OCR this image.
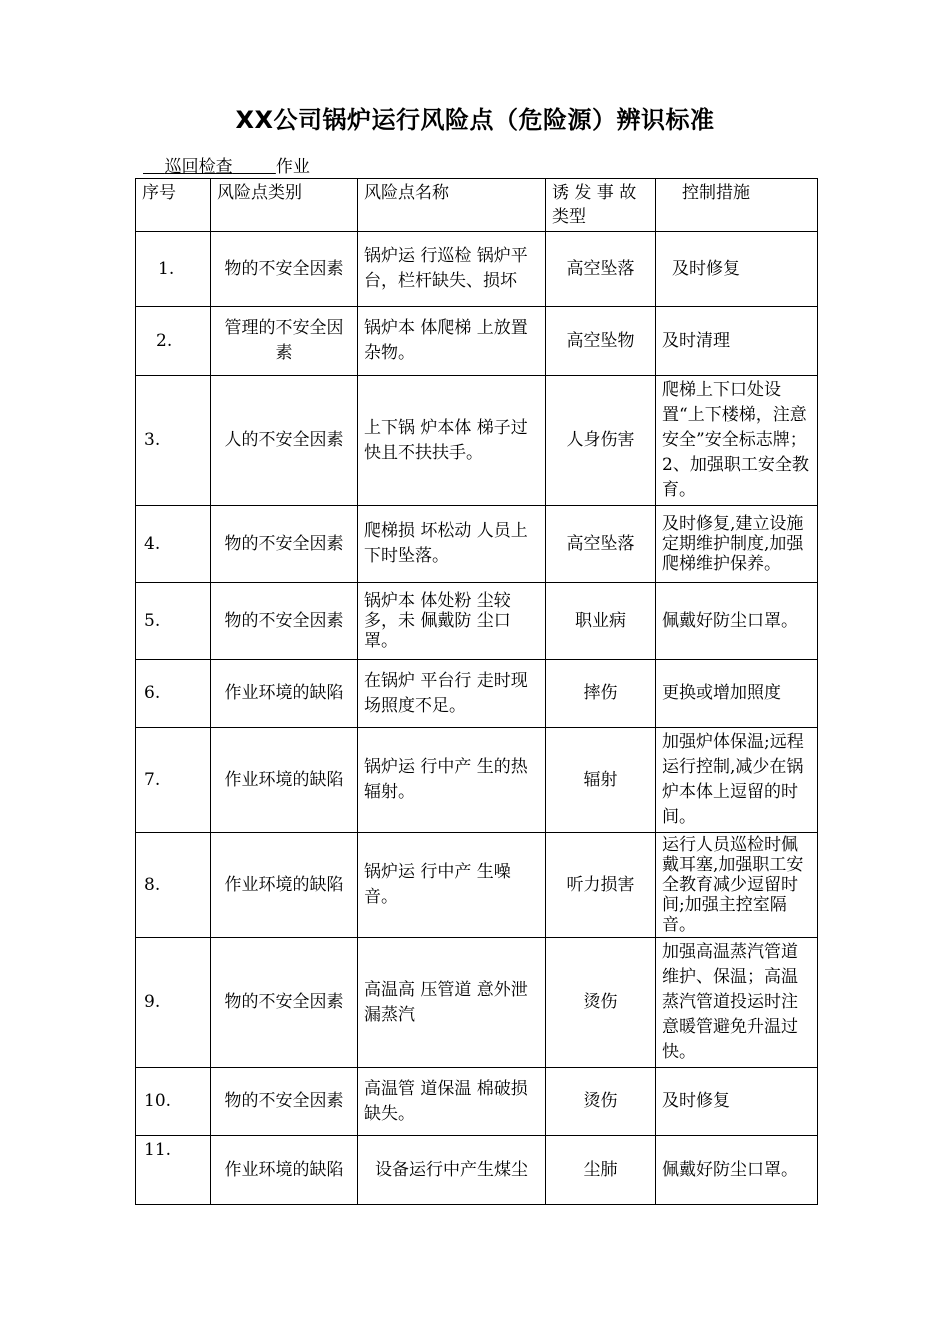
XX公司锅炉运行风险点（危险源）辨识标准
巡回检查	作业
序号	风险点类别	风险点名称	诱 发 事 故 类型	控制措施
1.	物的不安全因素	锅炉运 行巡检 锅炉平台，栏杆缺失、损坏	高空坠落	及时修复
2.	管理的不安全因素	锅炉本 体爬梯 上放置杂物。	高空坠物	及时清理
3.	人的不安全因素	上下锅 炉本体 梯子过快且不扶扶手。	人身伤害	爬梯上下口处设置“上下楼梯，注意安全”安全标志牌；2、加强职工安全教育。
4.	物的不安全因素	爬梯损 坏松动 人员上下时坠落。	高空坠落	及时修复,建立设施定期维护制度,加强爬梯维护保养。
5.	物的不安全因素	锅炉本 体处粉 尘较多，未 佩戴防 尘口罩。	职业病	佩戴好防尘口罩。
6.	作业环境的缺陷	在锅炉 平台行 走时现场照度不足。	摔伤	更换或增加照度
7.	作业环境的缺陷	锅炉运 行中产 生的热辐射。	辐射	加强炉体保温;远程运行控制,减少在锅炉本体上逗留的时间。
8.	作业环境的缺陷	锅炉运 行中产 生噪音。	听力损害	运行人员巡检时佩戴耳塞,加强职工安全教育减少逗留时间;加强主控室隔音。
9.	物的不安全因素	高温高 压管道 意外泄漏蒸汽	烫伤	加强高温蒸汽管道维护、保温；高温蒸汽管道投运时注意暖管避免升温过快。
10.	物的不安全因素	高温管 道保温 棉破损缺失。	烫伤	及时修复
11.	作业环境的缺陷	设备运行中产生煤尘	尘肺	佩戴好防尘口罩。
